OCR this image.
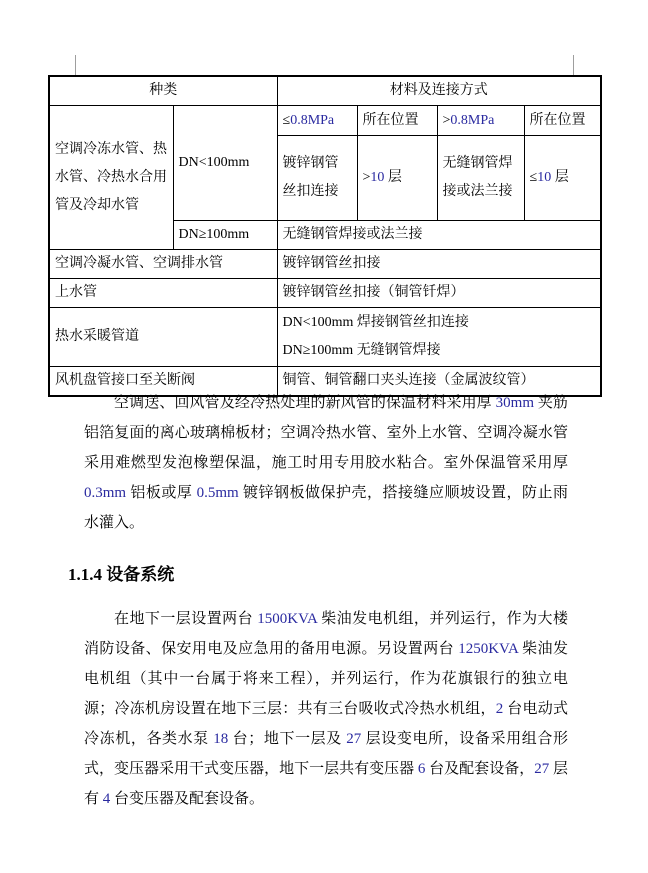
种类		材料及连接方式			
空调冷冻水管、热水管、冷热水合用管及冷却水管	DN<100mm	≤0.8MPa	所在位置	>0.8MPa	所在位置
		镀锌钢管丝扣连接	>10 层	无缝钢管焊接或法兰接	≤10 层
	DN≥100mm	无缝钢管焊接或法兰接			
空调冷凝水管、空调排水管		镀锌钢管丝扣接			
上水管		镀锌钢管丝扣接（铜管钎焊）			
热水采暖管道		DN<100mm 焊接钢管丝扣连接
DN≥100mm 无缝钢管焊接			

风机盘管接口至关断阀		铜管、铜管翻口夹头连接（金属波纹管）			

空调送、回风管及经冷热处理的新风管的保温材料采用厚 30mm 夹筋铝箔复面的离心玻璃棉板材；空调冷热水管、室外上水管、空调冷凝水管采用难燃型发泡橡塑保温，施工时用专用胶水粘合。室外保温管采用厚 0.3mm 铝板或厚 0.5mm 镀锌钢板做保护壳，搭接缝应顺坡设置，防止雨水灌入。

1.1.4 设备系统

在地下一层设置两台 1500KVA 柴油发电机组，并列运行，作为大楼消防设备、保安用电及应急用的备用电源。另设置两台 1250KVA 柴油发电机组（其中一台属于将来工程），并列运行，作为花旗银行的独立电源；冷冻机房设置在地下三层：共有三台吸收式冷热水机组，2 台电动式冷冻机，各类水泵 18 台；地下一层及 27 层设变电所，设备采用组合形式，变压器采用干式变压器，地下一层共有变压器 6 台及配套设备，27 层有 4 台变压器及配套设备。
